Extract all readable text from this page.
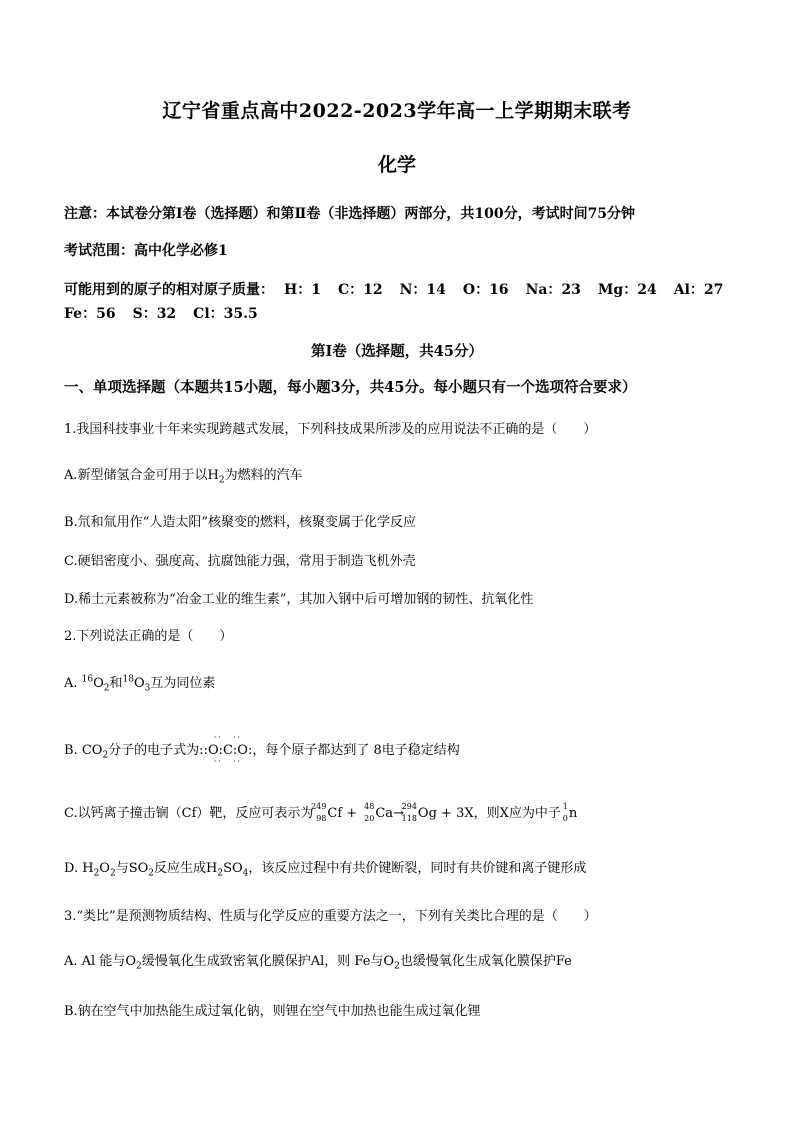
辽宁省重点高中2022-2023学年高一上学期期末联考
化学
注意：本试卷分第Ⅰ卷（选择题）和第Ⅱ卷（非选择题）两部分，共100分，考试时间75分钟
考试范围：高中化学必修1
可能用到的原子的相对原子质量： H：1 C：12 N：14 O：16 Na：23 Mg：24 Al：27
Fe：56 S：32 Cl：35.5
第Ⅰ卷（选择题，共45分）
一、单项选择题（本题共15小题，每小题3分，共45分。每小题只有一个选项符合要求）
1.我国科技事业十年来实现跨越式发展，下列科技成果所涉及的应用说法不正确的是（　　）
A.新型储氢合金可用于以$H_2$为燃料的汽车
B.氘和氚用作“人造太阳”核聚变的燃料，核聚变属于化学反应
C.硬铝密度小、强度高、抗腐蚀能力强，常用于制造飞机外壳
D.稀土元素被称为“冶金工业的维生素”，其加入钢中后可增加钢的韧性、抗氧化性
2.下列说法正确的是（　　）
A. $^{16}O_2$和$^{18}O_3$互为同位素
B. $CO_2$分子的电子式为:
··　··
:O:C:O:
··　··
，每个原子都达到了 8电子稳定结构
C.以钙离子撞击锎（Cf）靶，反应可表示为
249
98 Cf + 48
20 Ca→
294
118 Og + 3X，则X应为中子 1
0 n
D. $H_2O_2$与$SO_2$反应生成$H_2SO_4$，该反应过程中有共价键断裂，同时有共价键和离子键形成
3.“类比”是预测物质结构、性质与化学反应的重要方法之一，下列有关类比合理的是（　　）
A. Al 能与$O_2$缓慢氧化生成致密氧化膜保护Al，则 Fe与$O_2$也缓慢氧化生成氧化膜保护Fe
B.钠在空气中加热能生成过氧化钠，则锂在空气中加热也能生成过氧化锂
